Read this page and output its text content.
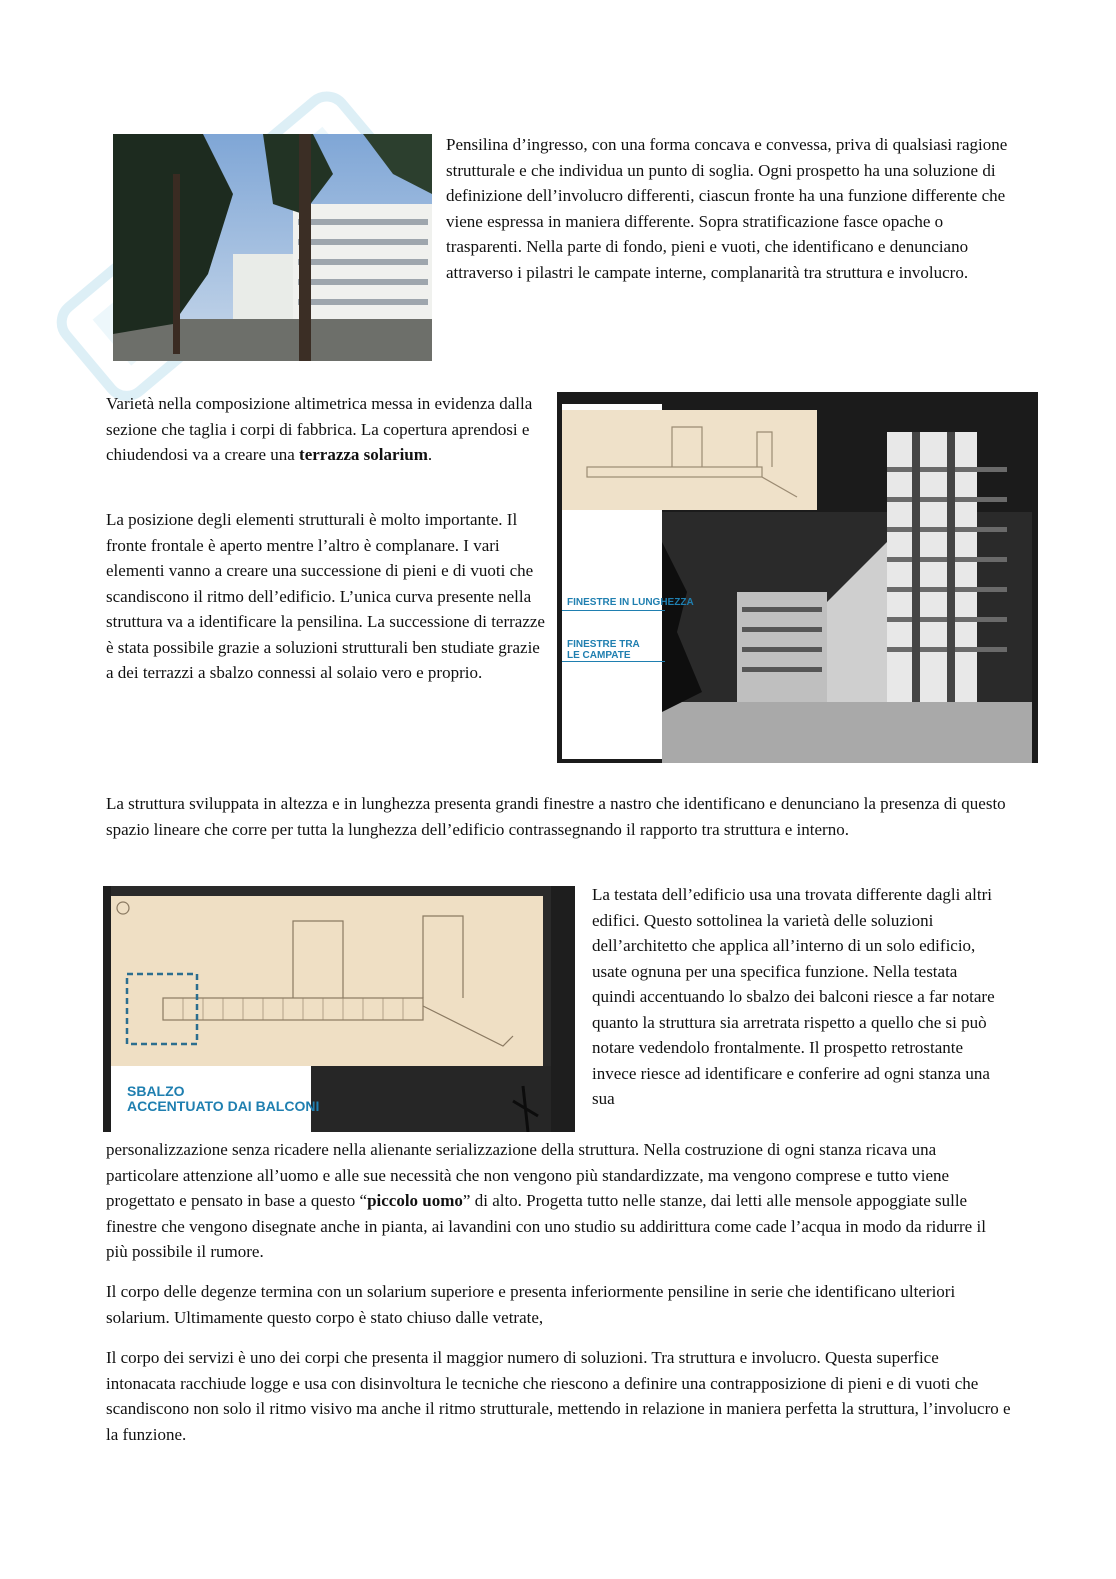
Pensilina d’ingresso, con una forma concava e convessa, priva di qualsiasi ragione strutturale e che individua un punto di soglia. Ogni prospetto ha una soluzione di definizione dell’involucro differenti, ciascun fronte ha una funzione differente che viene espressa in maniera differente. Sopra stratificazione fasce opache o trasparenti. Nella parte di fondo, pieni e vuoti, che identificano e denunciano attraverso i pilastri le campate interne, complanarità tra struttura e involucro.

Varietà nella composizione altimetrica messa in evidenza dalla sezione che taglia i corpi di fabbrica. La copertura aprendosi e chiudendosi va a creare una terrazza solarium.

La posizione degli elementi strutturali è molto importante. Il fronte frontale è aperto mentre l’altro è complanare. I vari elementi vanno a creare una successione di pieni e di vuoti che scandiscono il ritmo dell’edificio. L’unica curva presente nella struttura va a identificare la pensilina. La successione di terrazze è stata possibile grazie a soluzioni strutturali ben studiate grazie a dei terrazzi a sbalzo connessi al solaio vero e proprio.

FINESTRE IN LUNGHEZZA
FINESTRE TRA
LE CAMPATE

La struttura sviluppata in altezza e in lunghezza presenta grandi finestre a nastro che identificano e denunciano la presenza di questo spazio lineare che corre per tutta la lunghezza dell’edificio contrassegnando il rapporto tra struttura e interno.

SBALZO
ACCENTUATO DAI BALCONI

La testata dell’edificio usa una trovata differente dagli altri edifici. Questo sottolinea la varietà delle soluzioni dell’architetto che applica all’interno di un solo edificio, usate ognuna per una specifica funzione. Nella testata quindi accentuando lo sbalzo dei balconi riesce a far notare quanto la struttura sia arretrata rispetto a quello che si può notare vedendolo frontalmente. Il prospetto retrostante invece riesce ad identificare e conferire ad ogni stanza una sua

personalizzazione senza ricadere nella alienante serializzazione della struttura. Nella costruzione di ogni stanza ricava una particolare attenzione all’uomo e alle sue necessità che non vengono più standardizzate, ma vengono comprese e tutto viene progettato e pensato in base a questo “piccolo uomo” di alto. Progetta tutto nelle stanze, dai letti alle mensole appoggiate sulle finestre che vengono disegnate anche in pianta, ai lavandini con uno studio su addirittura come cade l’acqua in modo da ridurre il più possibile il rumore.

Il corpo delle degenze termina con un solarium superiore e presenta inferiormente pensiline in serie che identificano ulteriori solarium. Ultimamente questo corpo è stato chiuso dalle vetrate,

Il corpo dei servizi è uno dei corpi che presenta il maggior numero di soluzioni. Tra struttura e involucro. Questa superfice intonacata racchiude logge e usa con disinvoltura le tecniche che riescono a definire una contrapposizione di pieni e di vuoti che scandiscono non solo il ritmo visivo ma anche il ritmo strutturale, mettendo in relazione in maniera perfetta la struttura, l’involucro e la funzione.
